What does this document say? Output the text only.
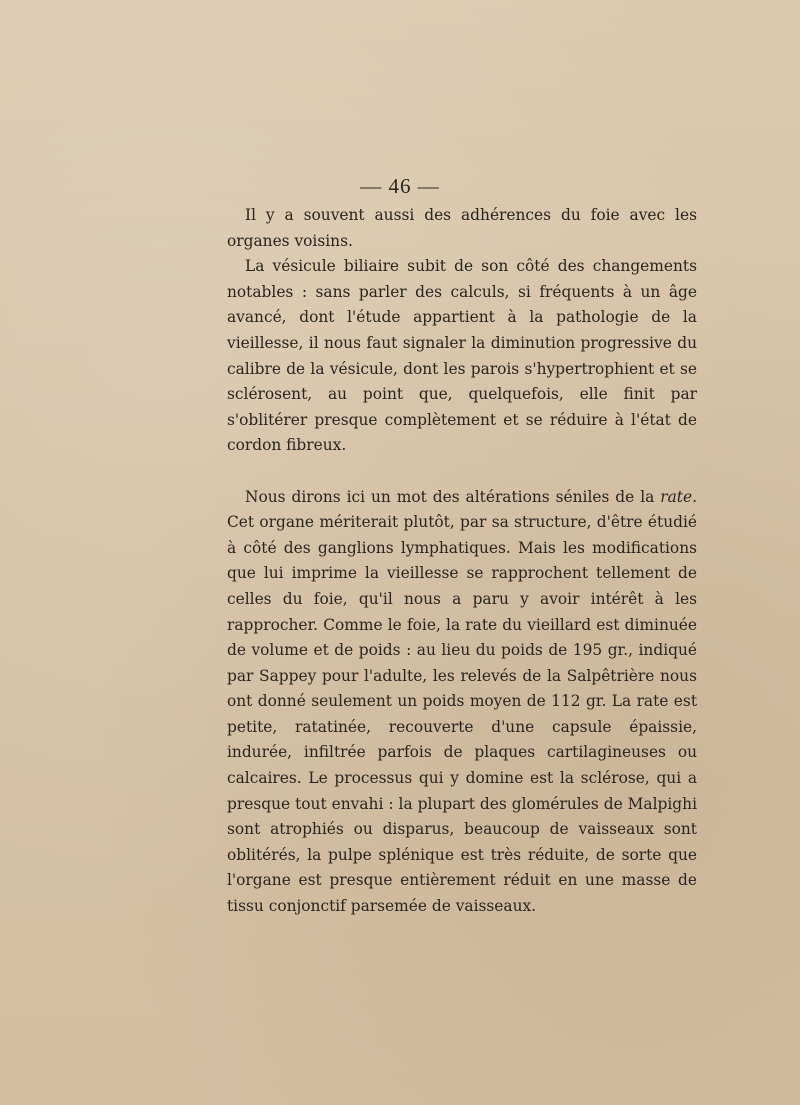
— 46 —

Il y a souvent aussi des adhérences du foie avec les organes voisins.

La vésicule biliaire subit de son côté des changements notables : sans parler des calculs, si fréquents à un âge avancé, dont l'étude appartient à la pathologie de la vieillesse, il nous faut signaler la diminution progressive du calibre de la vésicule, dont les parois s'hypertrophient et se sclérosent, au point que, quelquefois, elle finit par s'oblitérer presque complètement et se réduire à l'état de cordon fibreux.

Nous dirons ici un mot des altérations séniles de la rate. Cet organe mériterait plutôt, par sa structure, d'être étudié à côté des ganglions lymphatiques. Mais les modifications que lui imprime la vieillesse se rapprochent tellement de celles du foie, qu'il nous a paru y avoir intérêt à les rapprocher. Comme le foie, la rate du vieillard est diminuée de volume et de poids : au lieu du poids de 195 gr., indiqué par Sappey pour l'adulte, les relevés de la Salpêtrière nous ont donné seulement un poids moyen de 112 gr. La rate est petite, ratatinée, recouverte d'une capsule épaissie, indurée, infiltrée parfois de plaques cartilagineuses ou calcaires. Le processus qui y domine est la sclérose, qui a presque tout envahi : la plupart des glomérules de Malpighi sont atrophiés ou disparus, beaucoup de vaisseaux sont oblitérés, la pulpe splénique est très réduite, de sorte que l'organe est presque entièrement réduit en une masse de tissu conjonctif parsemée de vaisseaux.
